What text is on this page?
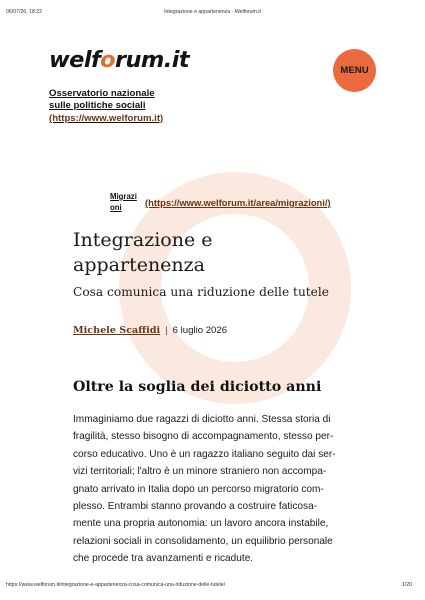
06/07/26, 18:22	Integrazione e appartenenza - Welforum.it
welforum.it
Osservatorio nazionale
sulle politiche sociali
(https://www.welforum.it)
MENU
Migrazioni	(https://www.welforum.it/area/migrazioni/)
Integrazione e appartenenza
Cosa comunica una riduzione delle tutele
Michele Scaffidi | 6 luglio 2026
Oltre la soglia dei diciotto anni
Immaginiamo due ragazzi di diciotto anni. Stessa storia di
fragilità, stesso bisogno di accompagnamento, stesso per-
corso educativo. Uno è un ragazzo italiano seguito dai ser-
vizi territoriali; l'altro è un minore straniero non accompa-
gnato arrivato in Italia dopo un percorso migratorio com-
plesso. Entrambi stanno provando a costruire faticosa-
mente una propria autonomia: un lavoro ancora instabile,
relazioni sociali in consolidamento, un equilibrio personale
che procede tra avanzamenti e ricadute.
https://www.welforum.it/integrazione-e-appartenenza-cosa-comunica-una-riduzione-delle-tutele/	1/20
